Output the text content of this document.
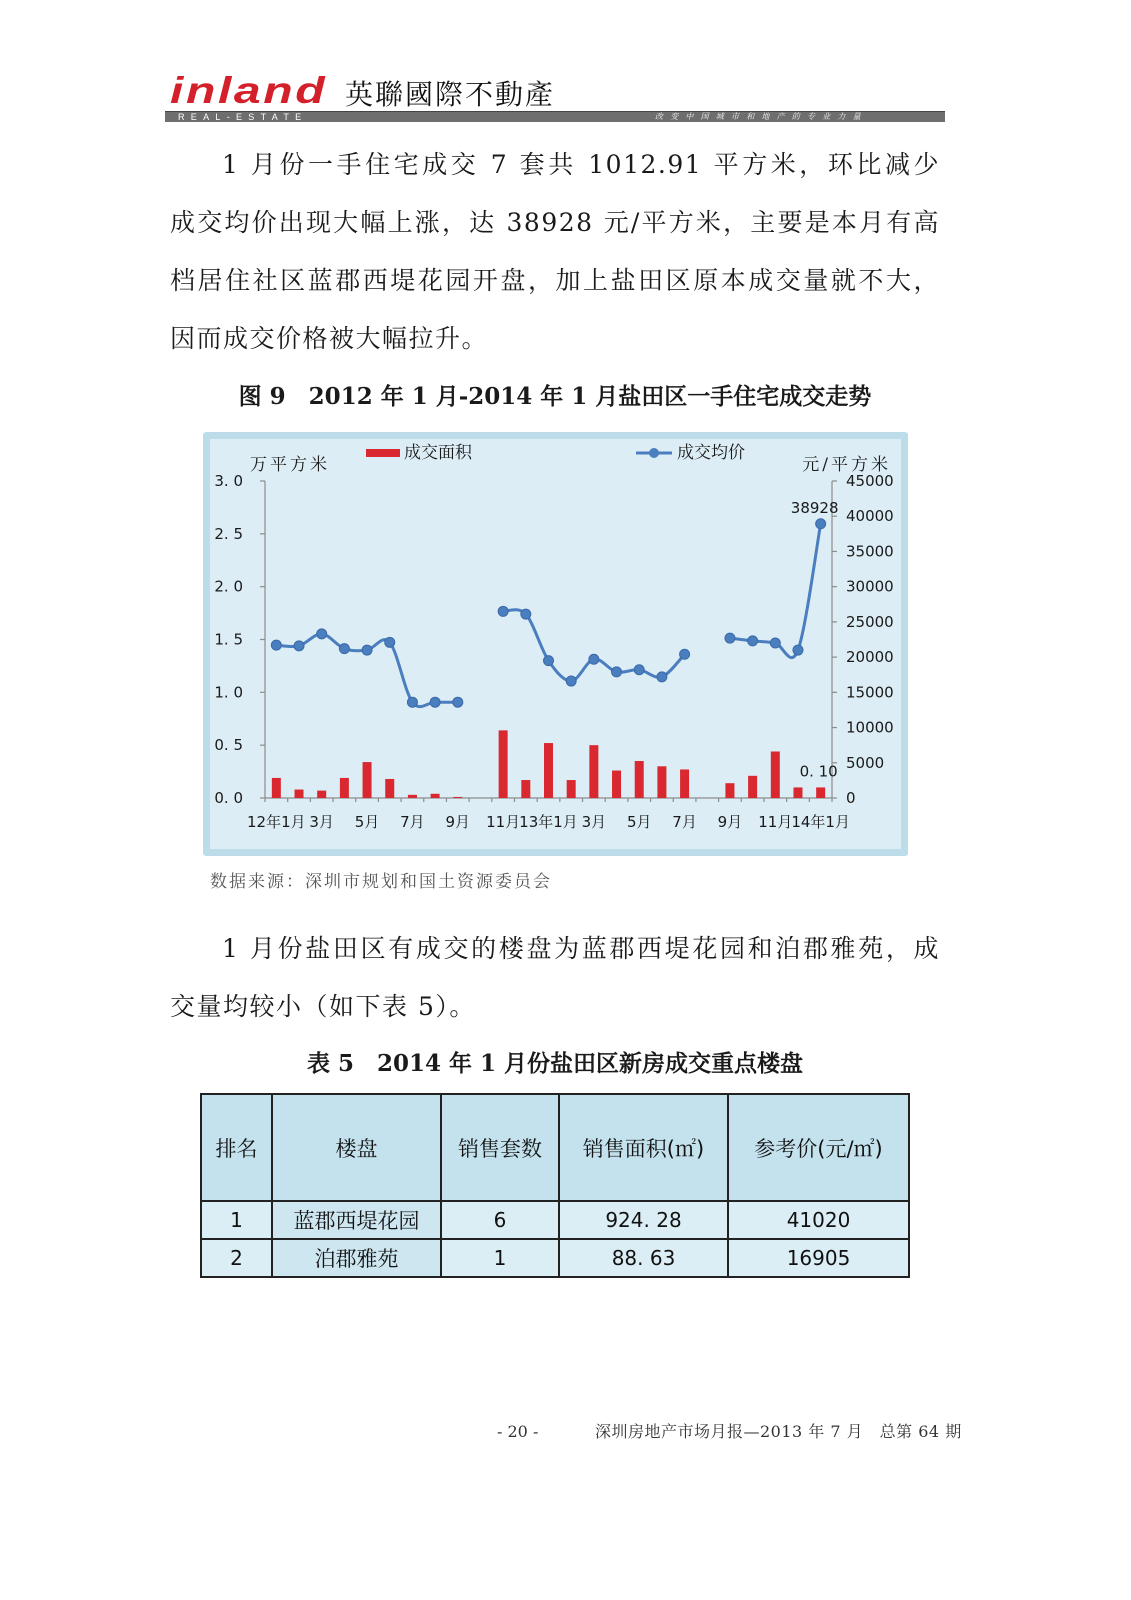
inland 英聯國際不動產
REAL-ESTATE	改变中国城市和地产的专业力量
1 月份一手住宅成交 7 套共 1012.91 平方米，环比减少
成交均价出现大幅上涨，达 38928 元/平方米，主要是本月有高
档居住社区蓝郡西堤花园开盘，加上盐田区原本成交量就不大，
因而成交价格被大幅拉升。
图 9　2012 年 1 月-2014 年 1 月盐田区一手住宅成交走势
0. 0
0. 5
1. 0
1. 5
2. 0
2. 5
3. 0
0
5000
10000
15000
20000
25000
30000
35000
40000
45000
12年1月 3月 5月 7月 9月 11月
13年1月 3月 5月 7月 9月 11月
14年1月
万平方米	元/平方米
38928
0. 10
成交面积	成交均价
数据来源：深圳市规划和国土资源委员会
1 月份盐田区有成交的楼盘为蓝郡西堤花园和泊郡雅苑，成
交量均较小（如下表 5）。
表 5　2014 年 1 月份盐田区新房成交重点楼盘
排名	楼盘	销售套数	销售面积(㎡)	参考价(元/㎡)
1	蓝郡西堤花园	6	924. 28	41020
2	泊郡雅苑	1	88. 63	16905
- 20 -	深圳房地产市场月报—2013 年 7 月　总第 64 期
